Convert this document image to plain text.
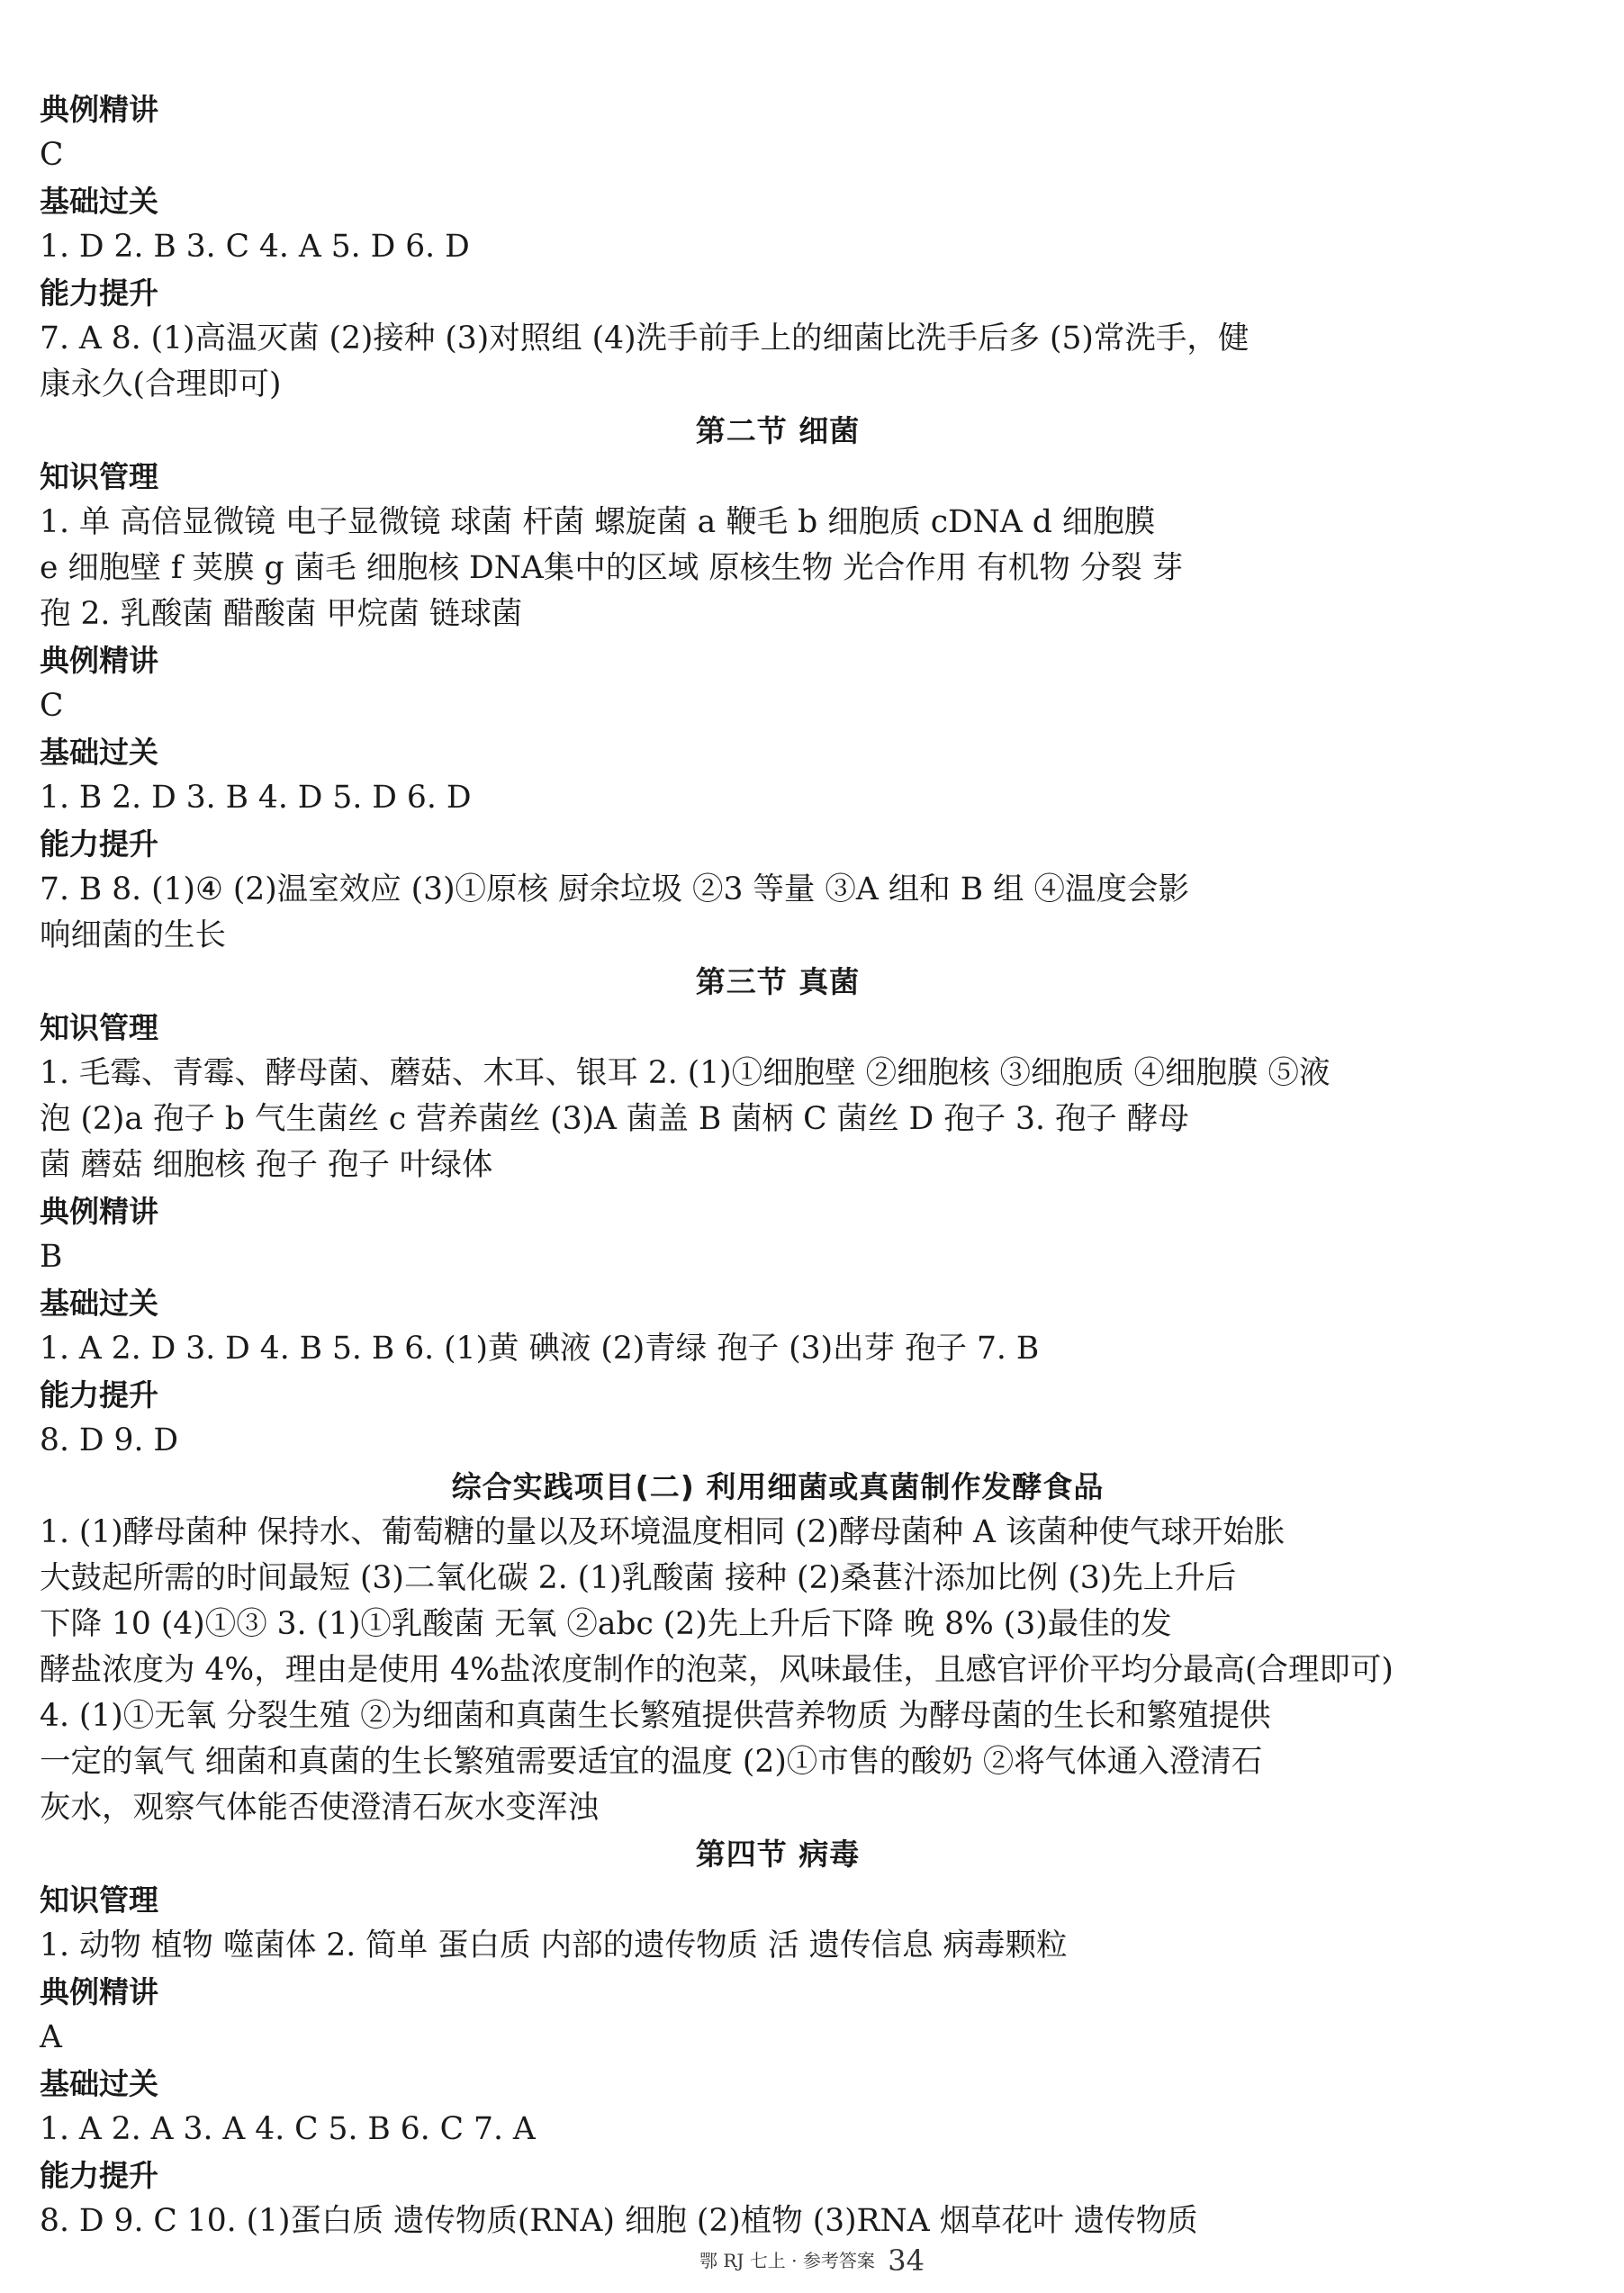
典例精讲
C
基础过关
1. D 2. B 3. C 4. A 5. D 6. D
能力提升
7. A 8. (1)高温灭菌 (2)接种 (3)对照组 (4)洗手前手上的细菌比洗手后多 (5)常洗手，健
康永久(合理即可)
第二节 细菌
知识管理
1. 单 高倍显微镜 电子显微镜 球菌 杆菌 螺旋菌 a 鞭毛 b 细胞质 cDNA d 细胞膜
e 细胞壁 f 荚膜 g 菌毛 细胞核 DNA集中的区域 原核生物 光合作用 有机物 分裂 芽
孢 2. 乳酸菌 醋酸菌 甲烷菌 链球菌
典例精讲
C
基础过关
1. B 2. D 3. B 4. D 5. D 6. D
能力提升
7. B 8. (1)④ (2)温室效应 (3)①原核 厨余垃圾 ②3 等量 ③A 组和 B 组 ④温度会影
响细菌的生长
第三节 真菌
知识管理
1. 毛霉、青霉、酵母菌、蘑菇、木耳、银耳 2. (1)①细胞壁 ②细胞核 ③细胞质 ④细胞膜 ⑤液
泡 (2)a 孢子 b 气生菌丝 c 营养菌丝 (3)A 菌盖 B 菌柄 C 菌丝 D 孢子 3. 孢子 酵母
菌 蘑菇 细胞核 孢子 孢子 叶绿体
典例精讲
B
基础过关
1. A 2. D 3. D 4. B 5. B 6. (1)黄 碘液 (2)青绿 孢子 (3)出芽 孢子 7. B
能力提升
8. D 9. D
综合实践项目(二) 利用细菌或真菌制作发酵食品
1. (1)酵母菌种 保持水、葡萄糖的量以及环境温度相同 (2)酵母菌种 A 该菌种使气球开始胀
大鼓起所需的时间最短 (3)二氧化碳 2. (1)乳酸菌 接种 (2)桑葚汁添加比例 (3)先上升后
下降 10 (4)①③ 3. (1)①乳酸菌 无氧 ②abc (2)先上升后下降 晚 8% (3)最佳的发
酵盐浓度为 4%，理由是使用 4%盐浓度制作的泡菜，风味最佳，且感官评价平均分最高(合理即可)
4. (1)①无氧 分裂生殖 ②为细菌和真菌生长繁殖提供营养物质 为酵母菌的生长和繁殖提供
一定的氧气 细菌和真菌的生长繁殖需要适宜的温度 (2)①市售的酸奶 ②将气体通入澄清石
灰水，观察气体能否使澄清石灰水变浑浊
第四节 病毒
知识管理
1. 动物 植物 噬菌体 2. 简单 蛋白质 内部的遗传物质 活 遗传信息 病毒颗粒
典例精讲
A
基础过关
1. A 2. A 3. A 4. C 5. B 6. C 7. A
能力提升
8. D 9. C 10. (1)蛋白质 遗传物质(RNA) 细胞 (2)植物 (3)RNA 烟草花叶 遗传物质
鄂 RJ 七上 · 参考答案 34
